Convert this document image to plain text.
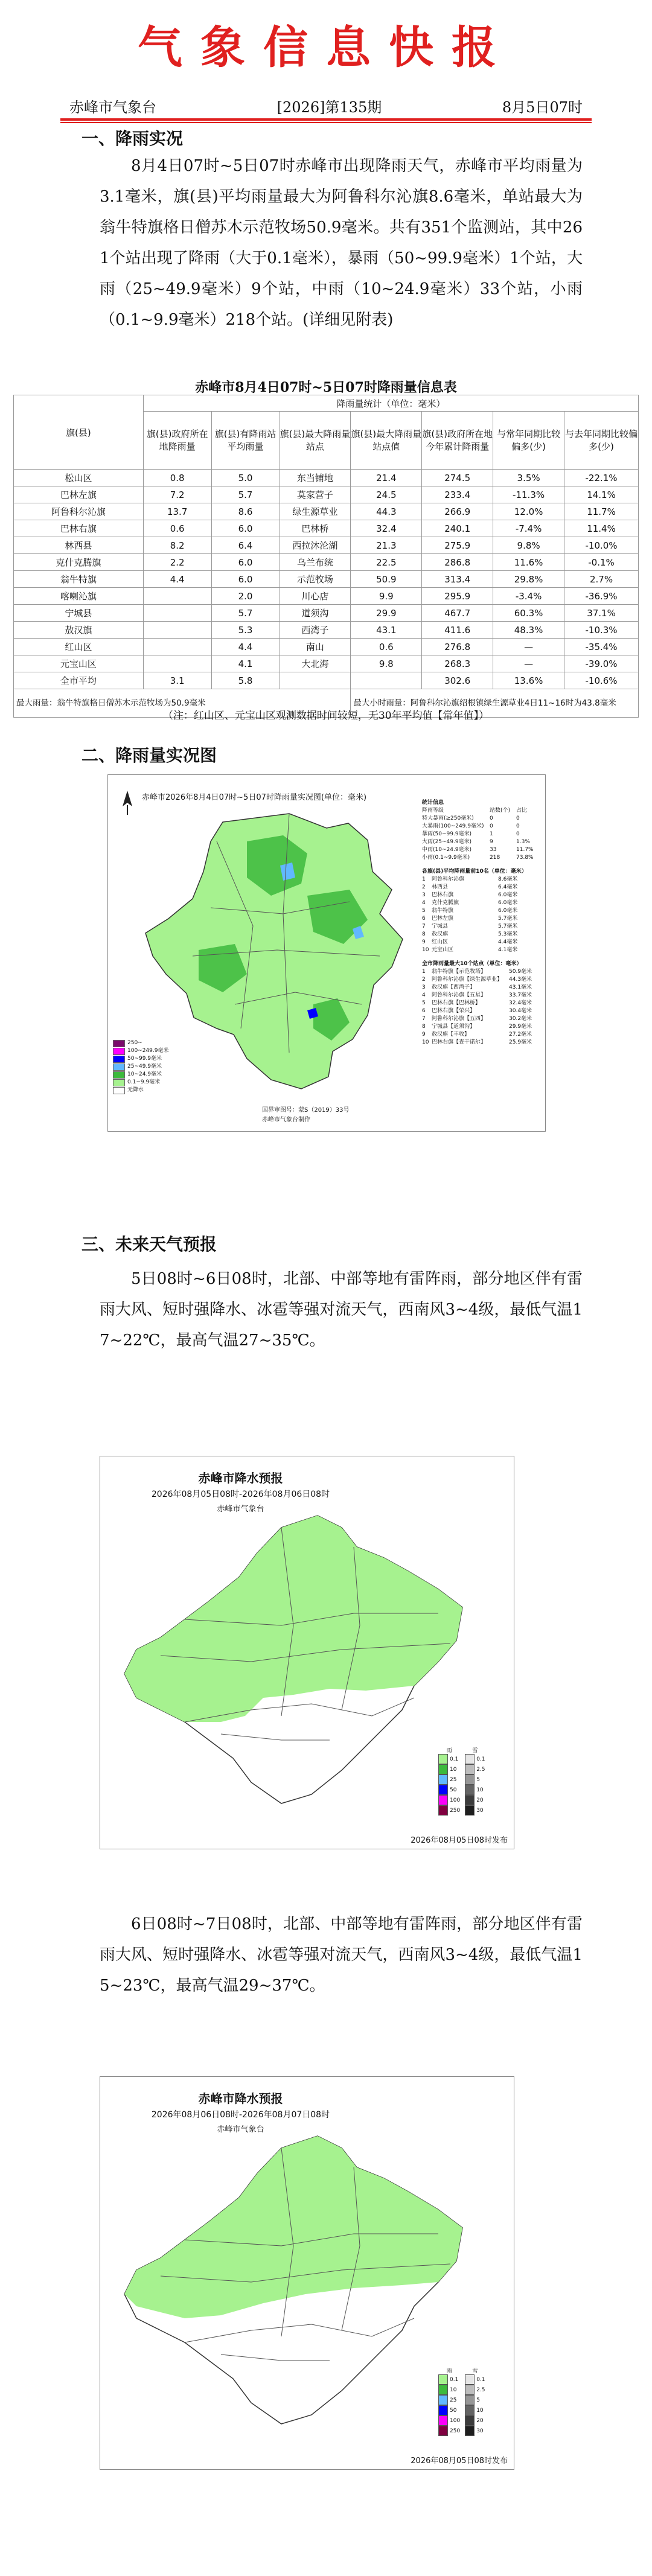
气象信息快报
赤峰市气象台	[2026]第135期	8月5日07时
一、降雨实况
8月4日07时~5日07时赤峰市出现降雨天气，赤峰市平均雨量为3.1毫米，旗(县)平均雨量最大为阿鲁科尔沁旗8.6毫米，单站最大为翁牛特旗格日僧苏木示范牧场50.9毫米。共有351个监测站，其中261个站出现了降雨（大于0.1毫米），暴雨（50~99.9毫米）1个站，大雨（25~49.9毫米）9个站，中雨（10~24.9毫米）33个站，小雨（0.1~9.9毫米）218个站。(详细见附表)
赤峰市8月4日07时~5日07时降雨量信息表
旗(县)	降雨量统计（单位：毫米）						
	旗(县)政府所在地降雨量	旗(县)有降雨站平均雨量	旗(县)最大降雨量站点	旗(县)最大降雨量站点值	旗(县)政府所在地今年累计降雨量	与常年同期比较偏多(少)	与去年同期比较偏多(少)
松山区	0.8	5.0	东当铺地	21.4	274.5	3.5%	-22.1%
巴林左旗	7.2	5.7	莫家营子	24.5	233.4	-11.3%	14.1%
阿鲁科尔沁旗	13.7	8.6	绿生源草业	44.3	266.9	12.0%	11.7%
巴林右旗	0.6	6.0	巴林桥	32.4	240.1	-7.4%	11.4%
林西县	8.2	6.4	西拉沐沦湖	21.3	275.9	9.8%	-10.0%
克什克腾旗	2.2	6.0	乌兰布统	22.5	286.8	11.6%	-0.1%
翁牛特旗	4.4	6.0	示范牧场	50.9	313.4	29.8%	2.7%
喀喇沁旗		2.0	川心店	9.9	295.9	-3.4%	-36.9%
宁城县		5.7	道须沟	29.9	467.7	60.3%	37.1%
敖汉旗		5.3	西湾子	43.1	411.6	48.3%	-10.3%
红山区		4.4	南山	0.6	276.8	—	-35.4%
元宝山区		4.1	大北海	9.8	268.3	—	-39.0%
全市平均	3.1	5.8			302.6	13.6%	-10.6%
最大雨量：翁牛特旗格日僧苏木示范牧场为50.9毫米				最大小时雨量：阿鲁科尔沁旗绍根镇绿生源草业4日11~16时为43.8毫米			
（注：红山区、元宝山区观测数据时间较短，无30年平均值【常年值】）
二、降雨量实况图
赤峰市2026年8月4日07时~5日07时降雨量实况图(单位：毫米)
250~
100~249.9毫米
50~99.9毫米
25~49.9毫米
10~24.9毫米
0.1~9.9毫米
无降水
国界审图号：蒙S（2019）33号
赤峰市气象台制作
统计信息
降雨等级	站数(个)	占比
特大暴雨(≥250毫米)	0	0
大暴雨(100~249.9毫米)	0	0
暴雨(50~99.9毫米)	1	0
大雨(25~49.9毫米)	9	1.3%
中雨(10~24.9毫米)	33	11.7%
小雨(0.1~9.9毫米)	218	73.8%
各旗(县)平均降雨量前10名（单位：毫米）
1	阿鲁科尔沁旗	8.6毫米
2	林西县	6.4毫米
3	巴林右旗	6.0毫米
4	克什克腾旗	6.0毫米
5	翁牛特旗	6.0毫米
6	巴林左旗	5.7毫米
7	宁城县	5.7毫米
8	敖汉旗	5.3毫米
9	红山区	4.4毫米
10 元宝山区	4.1毫米
全市降雨量最大10个站点（单位：毫米）
1	翁牛特旗【示范牧场】	50.9毫米
2	阿鲁科尔沁旗【绿生源草业】	44.3毫米
3	敖汉旗【西湾子】	43.1毫米
4	阿鲁科尔沁旗【五星】	33.7毫米
5	巴林右旗【巴林桥】	32.4毫米
6	巴林右旗【荣兴】	30.4毫米
7	阿鲁科尔沁旗【五四】	30.2毫米
8	宁城县【道须沟】	29.9毫米
9	敖汉旗【丰收】	27.2毫米
10 巴林右旗【查干诺尔】	25.9毫米
三、未来天气预报
5日08时~6日08时，北部、中部等地有雷阵雨，部分地区伴有雷雨大风、短时强降水、冰雹等强对流天气，西南风3~4级，最低气温17~22℃，最高气温27~35℃。
赤峰市降水预报
2026年08月05日08时-2026年08月06日08时
赤峰市气象台
雨
0.1
10
25
50
100
250
雪
0.1
2.5
5
10
20
30
2026年08月05日08时发布
6日08时~7日08时，北部、中部等地有雷阵雨，部分地区伴有雷雨大风、短时强降水、冰雹等强对流天气，西南风3~4级，最低气温15~23℃，最高气温29~37℃。
赤峰市降水预报
2026年08月06日08时-2026年08月07日08时
赤峰市气象台
雨
0.1
10
25
50
100
250
雪
0.1
2.5
5
10
20
30
2026年08月05日08时发布
